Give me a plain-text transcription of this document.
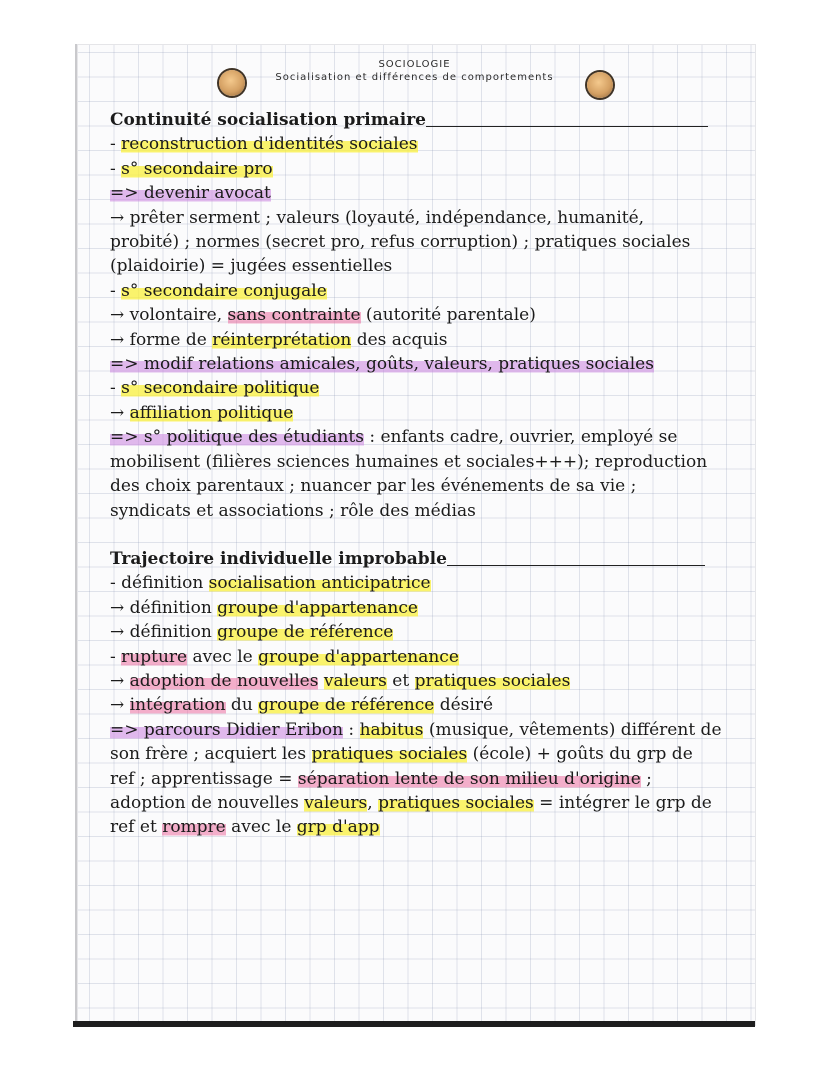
SOCIOLOGIE
Socialisation et différences de comportements
Continuité socialisation primaire
- reconstruction d'identités sociales
- s° secondaire pro
=> devenir avocat
→ prêter serment ; valeurs (loyauté, indépendance, humanité,
probité) ; normes (secret pro, refus corruption) ; pratiques sociales
(plaidoirie) = jugées essentielles
- s° secondaire conjugale
→ volontaire, sans contrainte (autorité parentale)
→ forme de réinterprétation des acquis
=> modif relations amicales, goûts, valeurs, pratiques sociales
- s° secondaire politique
→ affiliation politique
=> s° politique des étudiants : enfants cadre, ouvrier, employé se
mobilisent (filières sciences humaines et sociales+++); reproduction
des choix parentaux ; nuancer par les événements de sa vie ;
syndicats et associations ; rôle des médias
Trajectoire individuelle improbable
- définition socialisation anticipatrice
→ définition groupe d'appartenance
→ définition groupe de référence
- rupture avec le groupe d'appartenance
→ adoption de nouvelles valeurs et pratiques sociales
→ intégration du groupe de référence désiré
=> parcours Didier Eribon : habitus (musique, vêtements) différent de
son frère ; acquiert les pratiques sociales (école) + goûts du grp de
ref ; apprentissage = séparation lente de son milieu d'origine ;
adoption de nouvelles valeurs, pratiques sociales = intégrer le grp de
ref et rompre avec le grp d'app
